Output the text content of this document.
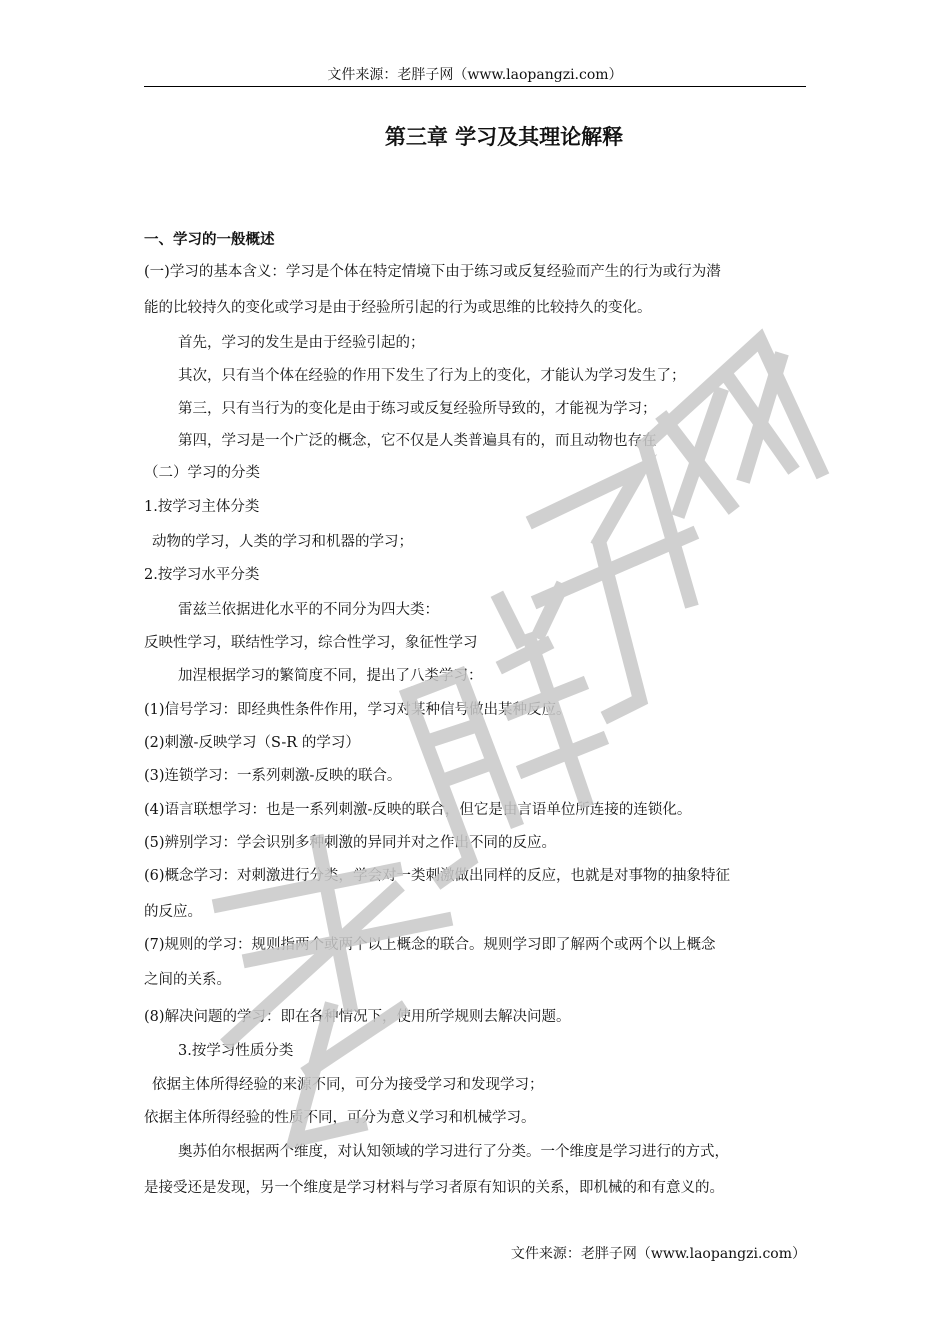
文件来源：老胖子网（www.laopangzi.com）
第三章 学习及其理论解释
一、学习的一般概述
(一)学习的基本含义：学习是个体在特定情境下由于练习或反复经验而产生的行为或行为潜
能的比较持久的变化或学习是由于经验所引起的行为或思维的比较持久的变化。
首先，学习的发生是由于经验引起的；
其次，只有当个体在经验的作用下发生了行为上的变化，才能认为学习发生了；
第三，只有当行为的变化是由于练习或反复经验所导致的，才能视为学习；
第四，学习是一个广泛的概念，它不仅是人类普遍具有的，而且动物也存在
（二）学习的分类
1.按学习主体分类
动物的学习，人类的学习和机器的学习；
2.按学习水平分类
雷兹兰依据进化水平的不同分为四大类：
反映性学习，联结性学习，综合性学习，象征性学习
加涅根据学习的繁简度不同，提出了八类学习：
(1)信号学习：即经典性条件作用，学习对某种信号做出某种反应。
(2)刺激-反映学习（S-R 的学习）
(3)连锁学习：一系列刺激-反映的联合。
(4)语言联想学习：也是一系列刺激-反映的联合，但它是由言语单位所连接的连锁化。
(5)辨别学习：学会识别多种刺激的异同并对之作出不同的反应。
(6)概念学习：对刺激进行分类，学会对一类刺激做出同样的反应，也就是对事物的抽象特征
的反应。
(7)规则的学习：规则指两个或两个以上概念的联合。规则学习即了解两个或两个以上概念
之间的关系。
(8)解决问题的学习：即在各种情况下，使用所学规则去解决问题。
3.按学习性质分类
依据主体所得经验的来源不同，可分为接受学习和发现学习；
依据主体所得经验的性质不同，可分为意义学习和机械学习。
奥苏伯尔根据两个维度，对认知领域的学习进行了分类。一个维度是学习进行的方式，
是接受还是发现，另一个维度是学习材料与学习者原有知识的关系，即机械的和有意义的。
文件来源：老胖子网（www.laopangzi.com）
